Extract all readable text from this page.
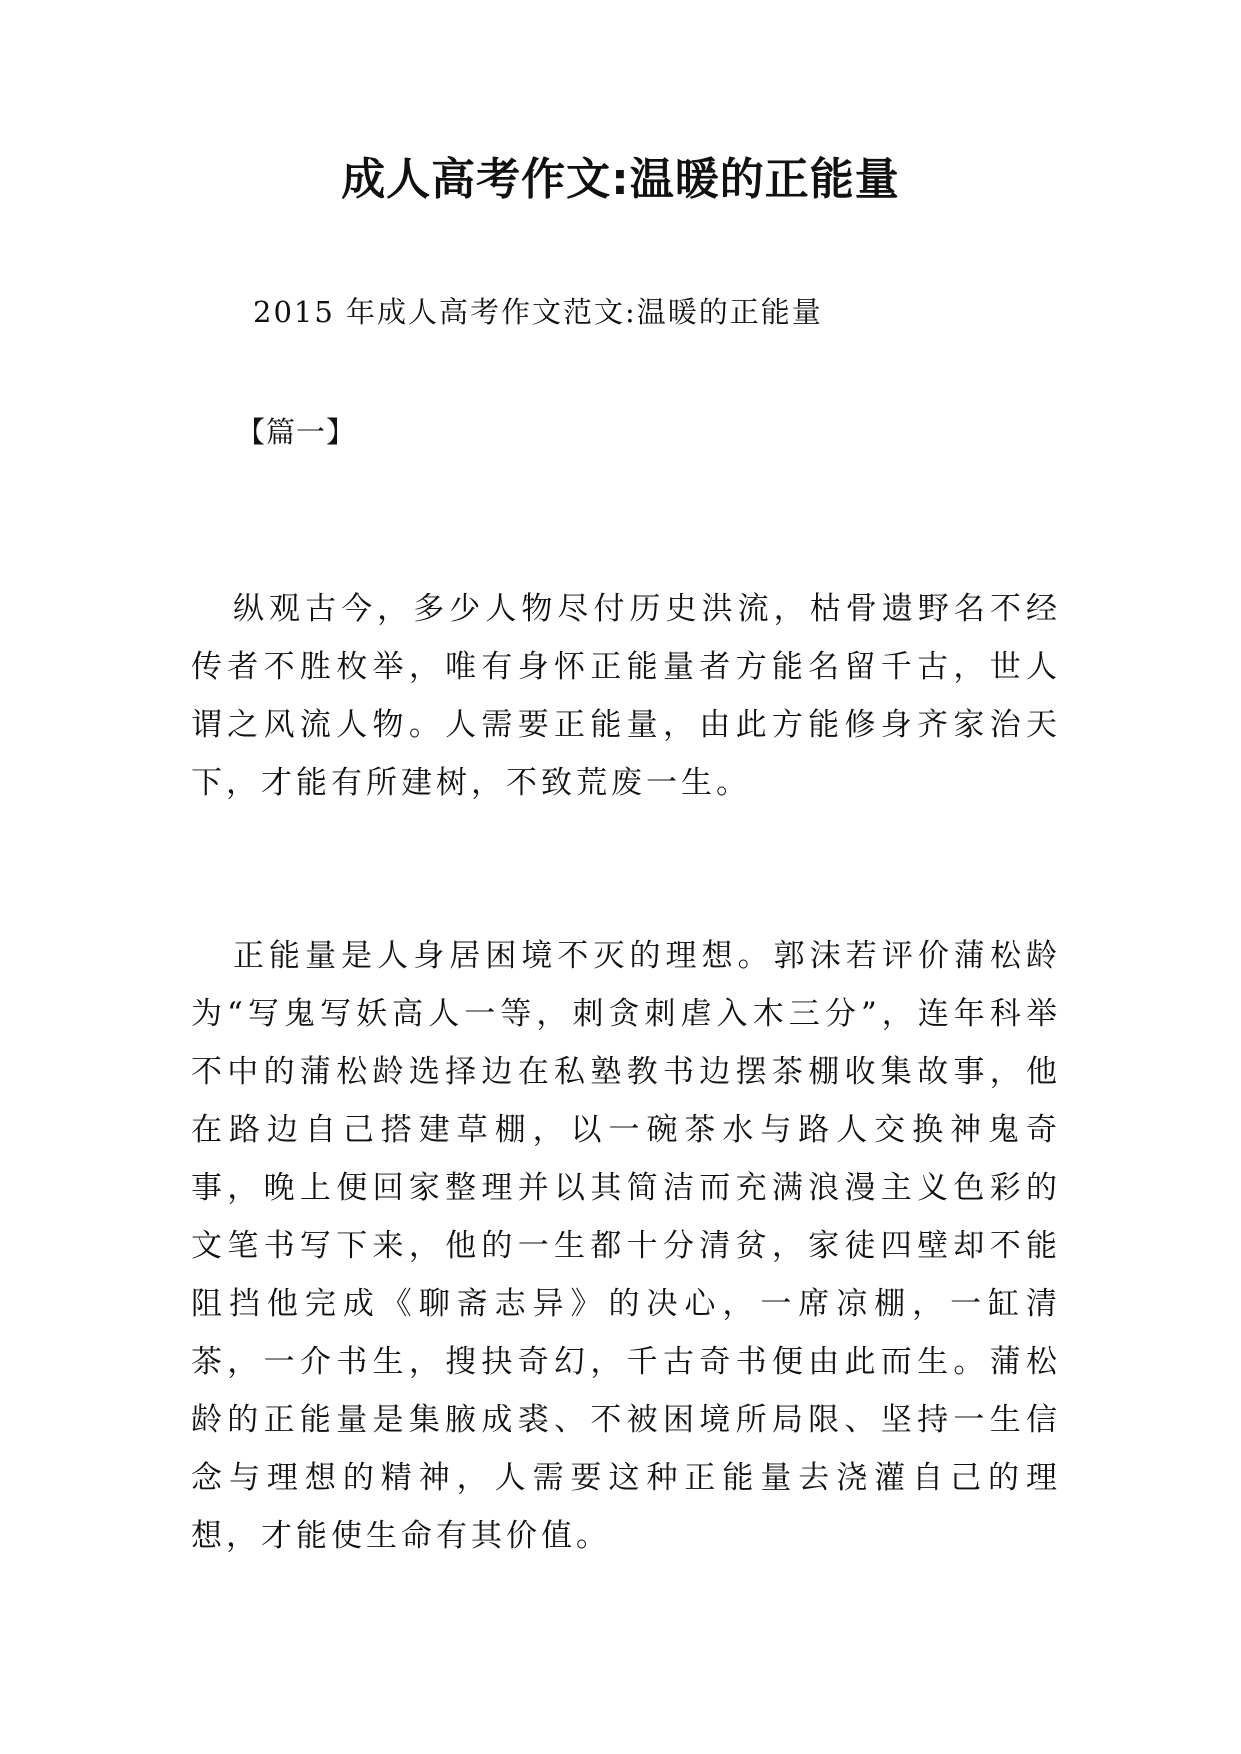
成人高考作文:温暖的正能量

2015 年成人高考作文范文:温暖的正能量

【篇一】

纵观古今，多少人物尽付历史洪流，枯骨遗野名不经传者不胜枚举，唯有身怀正能量者方能名留千古，世人谓之风流人物。人需要正能量，由此方能修身齐家治天下，才能有所建树，不致荒废一生。

正能量是人身居困境不灭的理想。郭沫若评价蒲松龄为“写鬼写妖高人一等，刺贪刺虐入木三分”，连年科举不中的蒲松龄选择边在私塾教书边摆茶棚收集故事，他在路边自己搭建草棚，以一碗茶水与路人交换神鬼奇事，晚上便回家整理并以其简洁而充满浪漫主义色彩的文笔书写下来，他的一生都十分清贫，家徒四壁却不能阻挡他完成《聊斋志异》的决心，一席凉棚，一缸清茶，一介书生，搜抉奇幻，千古奇书便由此而生。蒲松龄的正能量是集腋成裘、不被困境所局限、坚持一生信念与理想的精神，人需要这种正能量去浇灌自己的理想，才能使生命有其价值。
